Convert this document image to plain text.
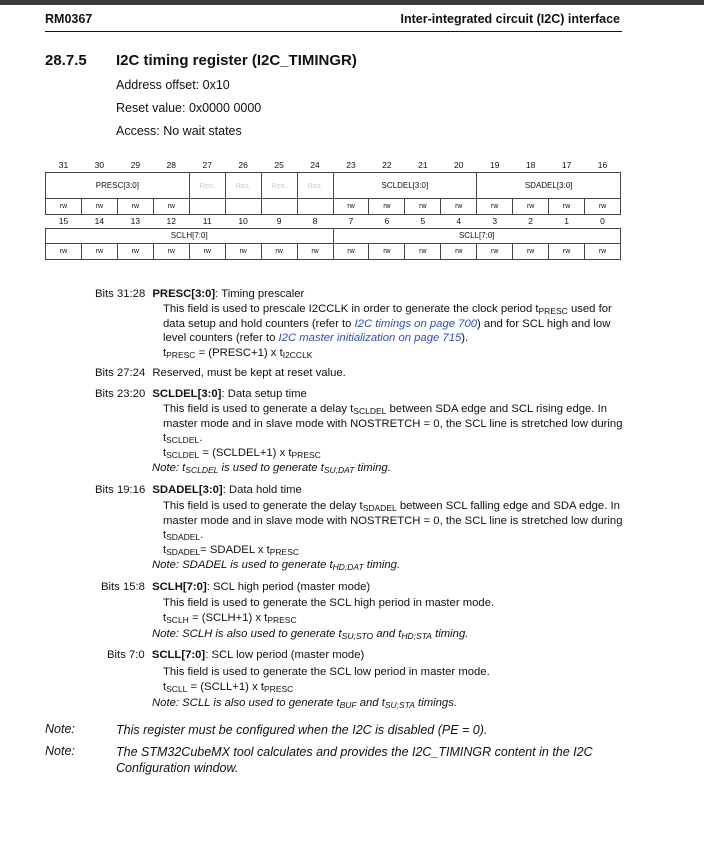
RM0367	Inter-integrated circuit (I2C) interface
28.7.5 I2C timing register (I2C_TIMINGR)
Address offset: 0x10
Reset value: 0x0000 0000
Access: No wait states
31	30	29	28	27	26	25	24	23	22	21	20	19	18	17	16
PRESC[3:0]				Res.	Res.	Res.	Res.	SCLDEL[3:0]				SDADEL[3:0]			
rw	rw	rw	rw					rw	rw	rw	rw	rw	rw	rw	rw
15	14	13	12	11	10	9	8	7	6	5	4	3	2	1	0
SCLH[7:0]								SCLL[7:0]							
rw	rw	rw	rw	rw	rw	rw	rw	rw	rw	rw	rw	rw	rw	rw	rw
Bits 31:28 PRESC[3:0]: Timing prescaler
This field is used to prescale I2CCLK in order to generate the clock period $t_{PRESC}$ used for
data setup and hold counters (refer to I2C timings on page 700) and for SCL high and low
level counters (refer to I2C master initialization on page 715).
$t_{PRESC}$ = (PRESC+1) x $t_{I2CCLK}$
Bits 27:24 Reserved, must be kept at reset value.
Bits 23:20 SCLDEL[3:0]: Data setup time
This field is used to generate a delay $t_{SCLDEL}$ between SDA edge and SCL rising edge. In
master mode and in slave mode with NOSTRETCH = 0, the SCL line is stretched low during
$t_{SCLDEL}$.
$t_{SCLDEL}$ = (SCLDEL+1) x $t_{PRESC}$
Note: $t_{SCLDEL}$ is used to generate $t_{SU;DAT}$ timing.
Bits 19:16 SDADEL[3:0]: Data hold time
This field is used to generate the delay $t_{SDADEL}$ between SCL falling edge and SDA edge. In
master mode and in slave mode with NOSTRETCH = 0, the SCL line is stretched low during
$t_{SDADEL}$.
$t_{SDADEL}=$ SDADEL x $t_{PRESC}$
Note: SDADEL is used to generate $t_{HD;DAT}$ timing.
Bits 15:8 SCLH[7:0]: SCL high period (master mode)
This field is used to generate the SCL high period in master mode.
$t_{SCLH}$ = (SCLH+1) x $t_{PRESC}$
Note: SCLH is also used to generate $t_{SU;STO}$ and $t_{HD;STA}$ timing.
Bits 7:0 SCLL[7:0]: SCL low period (master mode)
This field is used to generate the SCL low period in master mode.
$t_{SCLL}$ = (SCLL+1) x $t_{PRESC}$
Note: SCLL is also used to generate $t_{BUF}$ and $t_{SU;STA}$ timings.
Note:	This register must be configured when the I2C is disabled (PE = 0).
Note:	The STM32CubeMX tool calculates and provides the I2C_TIMINGR content in the I2C Configuration window.
